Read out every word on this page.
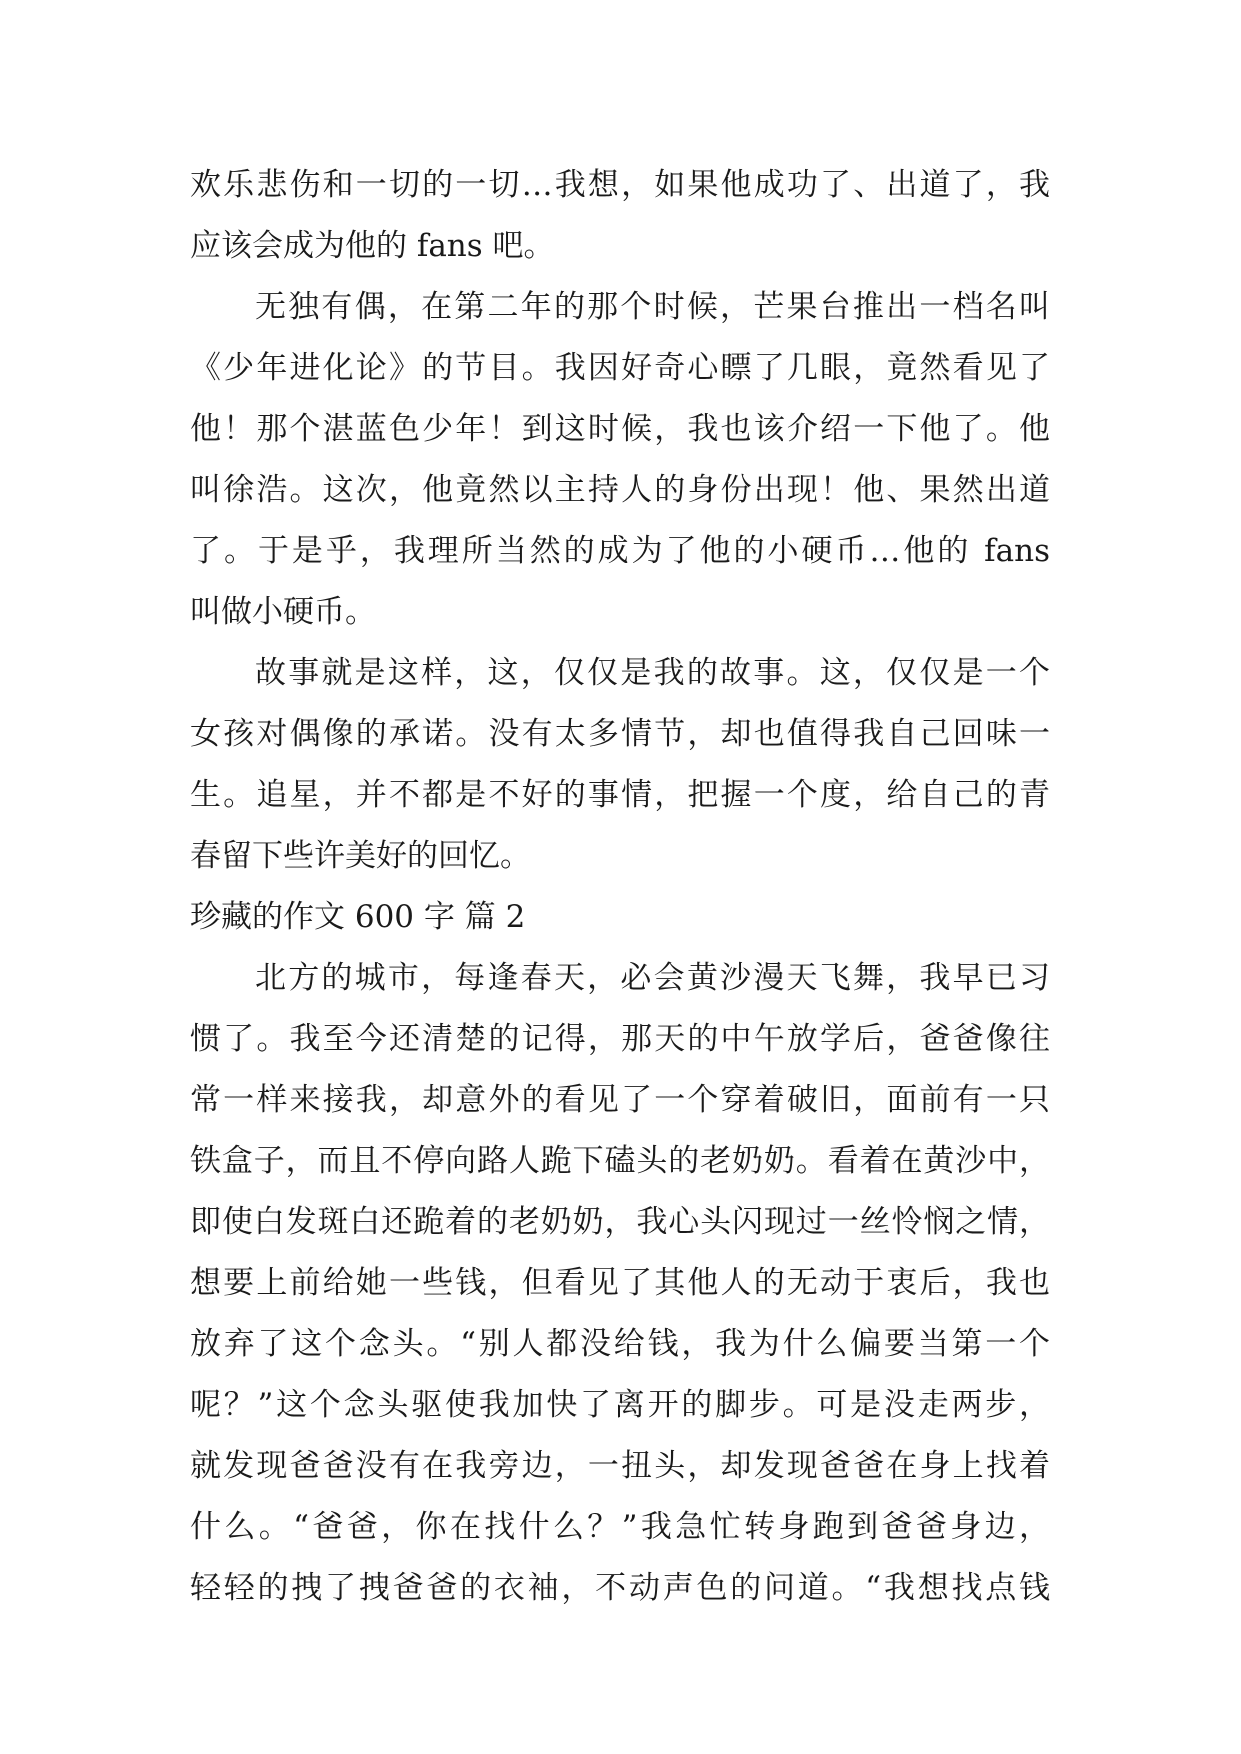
欢乐悲伤和一切的一切…我想，如果他成功了、出道了，我
应该会成为他的 fans 吧。
无独有偶，在第二年的那个时候，芒果台推出一档名叫
《少年进化论》的节目。我因好奇心瞟了几眼，竟然看见了
他！那个湛蓝色少年！到这时候，我也该介绍一下他了。他
叫徐浩。这次，他竟然以主持人的身份出现！他、果然出道
了。于是乎，我理所当然的成为了他的小硬币…他的 fans
叫做小硬币。
故事就是这样，这，仅仅是我的故事。这，仅仅是一个
女孩对偶像的承诺。没有太多情节，却也值得我自己回味一
生。追星，并不都是不好的事情，把握一个度，给自己的青
春留下些许美好的回忆。
珍藏的作文 600 字 篇 2
北方的城市，每逢春天，必会黄沙漫天飞舞，我早已习
惯了。我至今还清楚的记得，那天的中午放学后，爸爸像往
常一样来接我，却意外的看见了一个穿着破旧，面前有一只
铁盒子，而且不停向路人跪下磕头的老奶奶。看着在黄沙中，
即使白发斑白还跪着的老奶奶，我心头闪现过一丝怜悯之情，
想要上前给她一些钱，但看见了其他人的无动于衷后，我也
放弃了这个念头。“别人都没给钱，我为什么偏要当第一个
呢？”这个念头驱使我加快了离开的脚步。可是没走两步，
就发现爸爸没有在我旁边，一扭头，却发现爸爸在身上找着
什么。“爸爸，你在找什么？”我急忙转身跑到爸爸身边，
轻轻的拽了拽爸爸的衣袖，不动声色的问道。“我想找点钱
